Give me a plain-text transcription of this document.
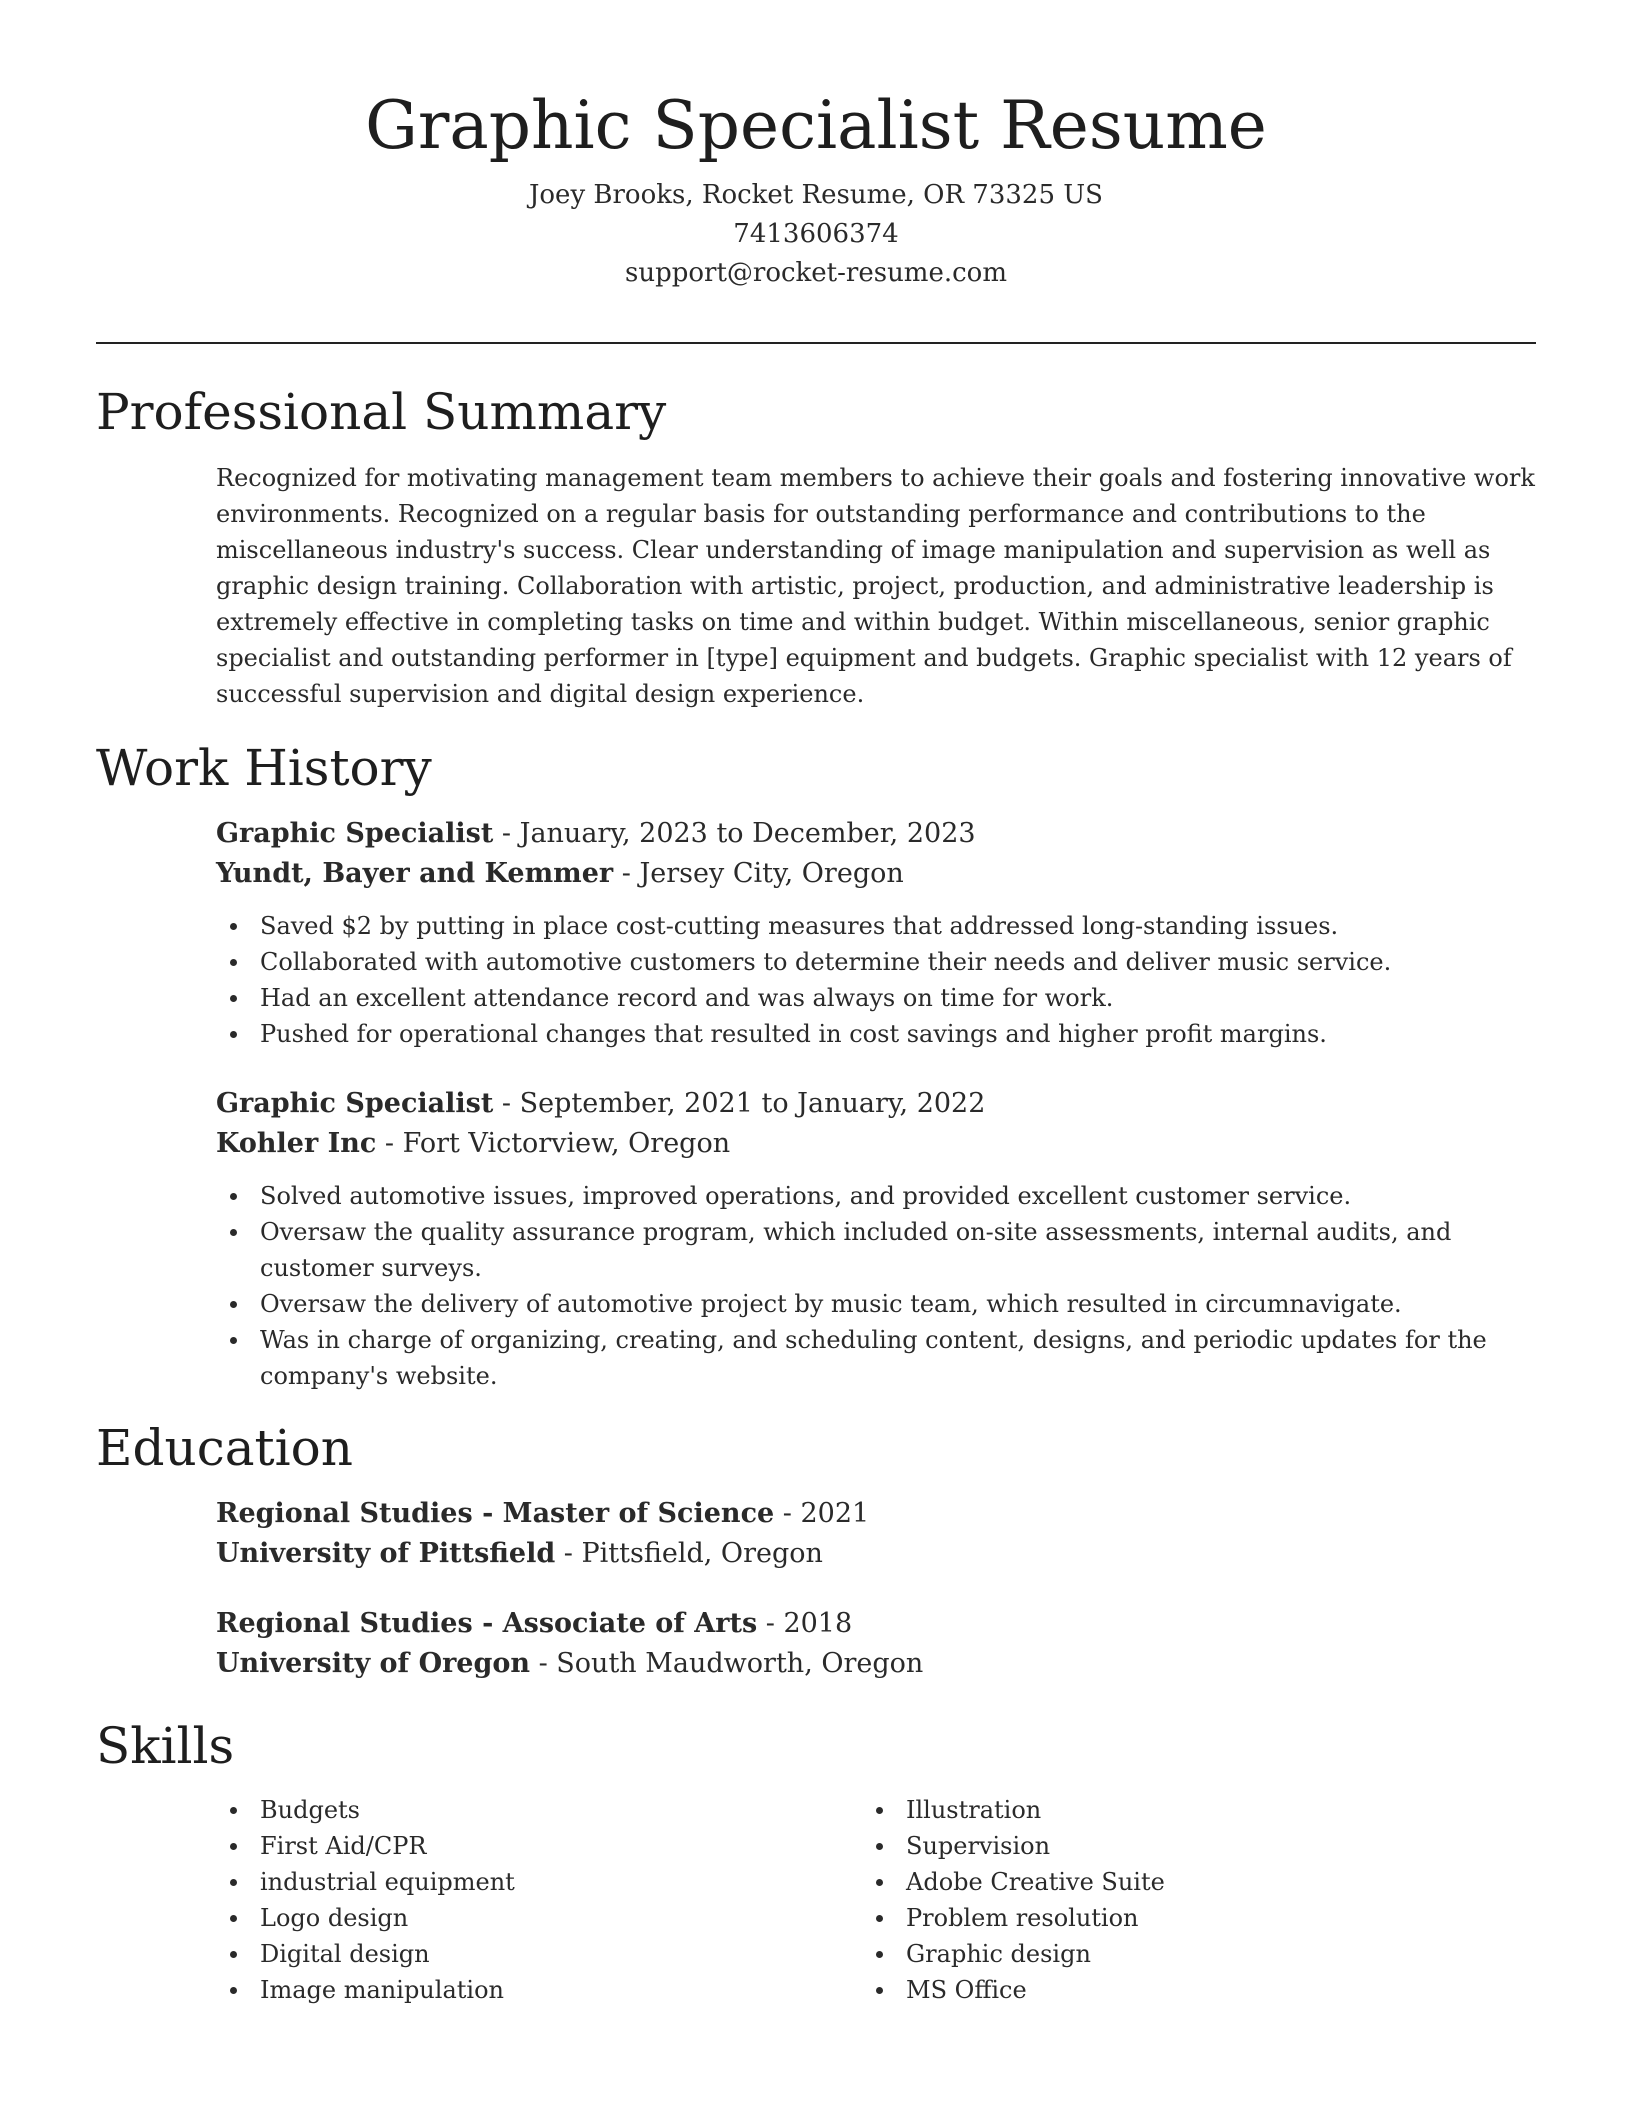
Graphic Specialist Resume
Joey Brooks, Rocket Resume, OR 73325 US
7413606374
support@rocket-resume.com
Professional Summary
Recognized for motivating management team members to achieve their goals and fostering innovative work
environments. Recognized on a regular basis for outstanding performance and contributions to the
miscellaneous industry's success. Clear understanding of image manipulation and supervision as well as
graphic design training. Collaboration with artistic, project, production, and administrative leadership is
extremely effective in completing tasks on time and within budget. Within miscellaneous, senior graphic
specialist and outstanding performer in [type] equipment and budgets. Graphic specialist with 12 years of
successful supervision and digital design experience.
Work History
Graphic Specialist - January, 2023 to December, 2023
Yundt, Bayer and Kemmer - Jersey City, Oregon
Saved $2 by putting in place cost-cutting measures that addressed long-standing issues.
Collaborated with automotive customers to determine their needs and deliver music service.
Had an excellent attendance record and was always on time for work.
Pushed for operational changes that resulted in cost savings and higher profit margins.
Graphic Specialist - September, 2021 to January, 2022
Kohler Inc - Fort Victorview, Oregon
Solved automotive issues, improved operations, and provided excellent customer service.
Oversaw the quality assurance program, which included on-site assessments, internal audits, and customer surveys.
Oversaw the delivery of automotive project by music team, which resulted in circumnavigate.
Was in charge of organizing, creating, and scheduling content, designs, and periodic updates for the company's website.
Education
Regional Studies - Master of Science - 2021
University of Pittsfield - Pittsfield, Oregon
Regional Studies - Associate of Arts - 2018
University of Oregon - South Maudworth, Oregon
Skills
Budgets
First Aid/CPR
industrial equipment
Logo design
Digital design
Image manipulation
Illustration
Supervision
Adobe Creative Suite
Problem resolution
Graphic design
MS Office
